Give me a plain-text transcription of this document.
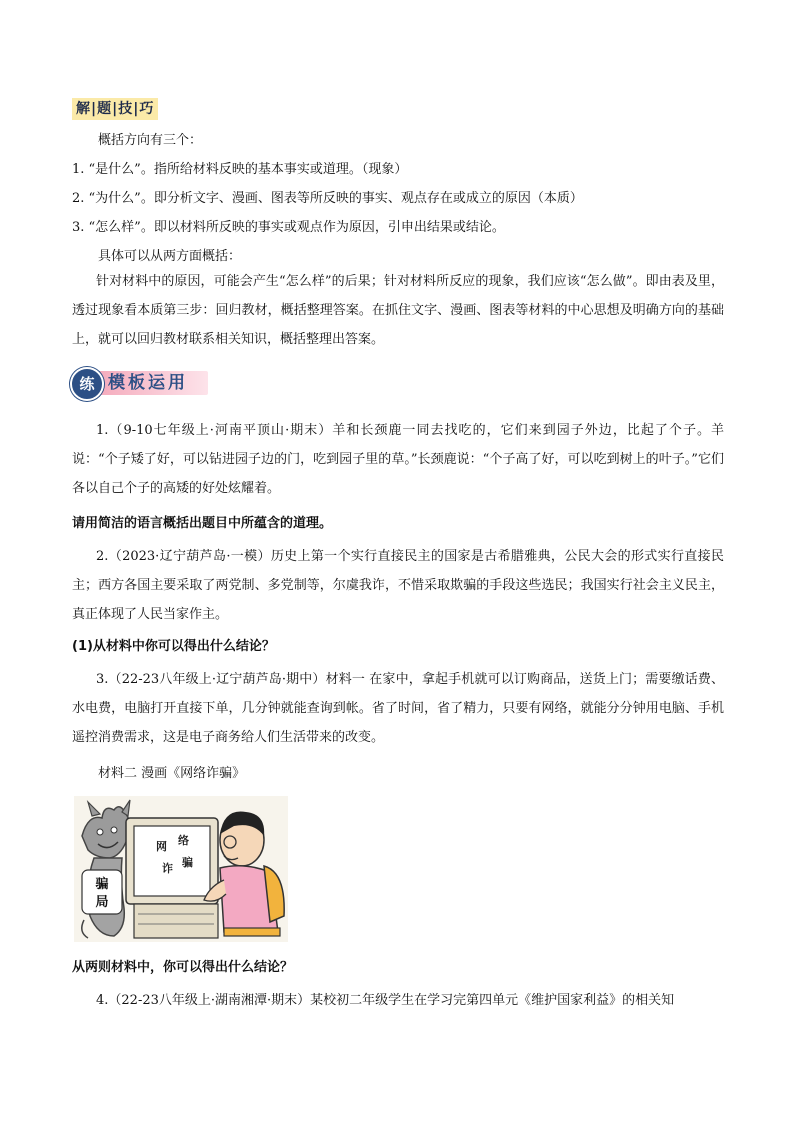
解|题|技|巧
概括方向有三个：
1. “是什么”。指所给材料反映的基本事实或道理。（现象）
2. “为什么”。即分析文字、漫画、图表等所反映的事实、观点存在或成立的原因（本质）
3. “怎么样”。即以材料所反映的事实或观点作为原因，引申出结果或结论。
具体可以从两方面概括：
针对材料中的原因，可能会产生“怎么样”的后果；针对材料所反应的现象，我们应该“怎么做”。即由表及里，透过现象看本质第三步：回归教材，概括整理答案。在抓住文字、漫画、图表等材料的中心思想及明确方向的基础上，就可以回归教材联系相关知识，概括整理出答案。
练 模板运用
1.（9-10七年级上·河南平顶山·期末）羊和长颈鹿一同去找吃的，它们来到园子外边，比起了个子。羊说：“个子矮了好，可以钻进园子边的门，吃到园子里的草。”长颈鹿说：“个子高了好，可以吃到树上的叶子。”它们各以自己个子的高矮的好处炫耀着。
请用简洁的语言概括出题目中所蕴含的道理。
2.（2023·辽宁葫芦岛·一模）历史上第一个实行直接民主的国家是古希腊雅典，公民大会的形式实行直接民主；西方各国主要采取了两党制、多党制等，尔虞我诈，不惜采取欺骗的手段这些选民；我国实行社会主义民主，真正体现了人民当家作主。
(1)从材料中你可以得出什么结论？
3.（22-23八年级上·辽宁葫芦岛·期中）材料一 在家中，拿起手机就可以订购商品，送货上门；需要缴话费、水电费，电脑打开直接下单，几分钟就能查询到帐。省了时间，省了精力，只要有网络，就能分分钟用电脑、手机遥控消费需求，这是电子商务给人们生活带来的改变。
材料二 漫画《网络诈骗》
骗
局
网 络
诈 骗
从两则材料中，你可以得出什么结论？
4.（22-23八年级上·湖南湘潭·期末）某校初二年级学生在学习完第四单元《维护国家利益》的相关知
